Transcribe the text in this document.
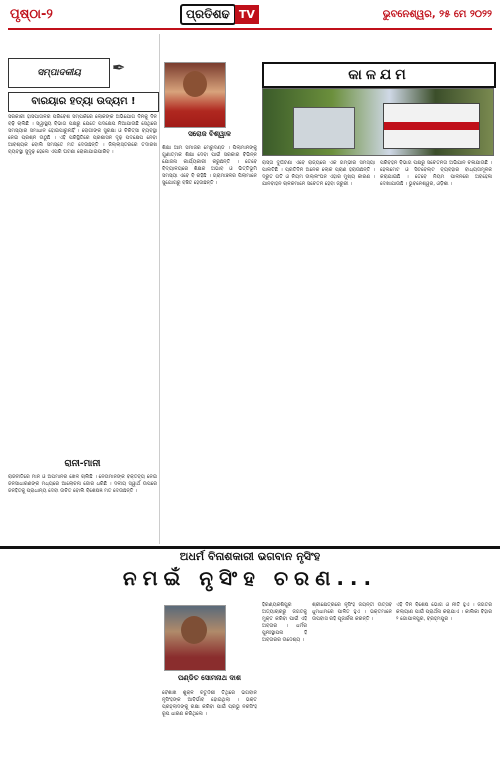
ପୃଷ୍ଠା-୨	ପ୍ରତିଶଢ TV	ଭୁବନେଶ୍ୱର, ୨୫ ମେ ୨୦୨୨
ସମ୍ପାଦକୀୟ	✒
ବାରୟାର ହତ୍ୟା ଉଦ୍ୟମ !
ସରକାରୀ ହାସପାତାଳର ପରିବେଶ ସମ୍ପର୍କରେ ଲୋକଙ୍କ ଅଭିଯୋଗ ଦିନକୁ ଦିନ ବଢ଼ି ଚାଲିଛି । ସ୍ୱାସ୍ଥ୍ୟ ବିଭାଗ ପକ୍ଷରୁ ଯେତେ ପଦକ୍ଷେପ ନିଆଯାଉଛି ସେଥିରେ ସମସ୍ୟାର ସମାଧାନ ହୋଇପାରୁନାହିଁ । ରୋଗୀଙ୍କ ସୁରକ୍ଷା ଓ ଚିକିତ୍ସା ବ୍ୟବସ୍ଥା ନେଇ ପ୍ରଶ୍ନ ଉଠୁଛି । ଏହି ପରିସ୍ଥିତିରେ ପ୍ରଶାସନ ଦୃଢ଼ ପଦକ୍ଷେପ ନେବା ଆବଶ୍ୟକ ବୋଲି ସମସ୍ତେ ମତ ଦେଉଛନ୍ତି । ଜିଲ୍ଲାସ୍ତରରେ ତଦାରଖ ବ୍ୟବସ୍ଥା ସୁଦୃଢ଼ ହେଲେ ଏପରି ଘଟଣା ରୋକାଯାଇପାରିବ ।
ରାନୀ-ମାନୀ
ରାଜନୀତିରେ ମାନ ଓ ଅପମାନର ଖେଳ ଚାଲିଛି । ନେତାମାନଙ୍କ ବକ୍ତବ୍ୟ ନେଇ ଜନସାଧାରଣଙ୍କ ମଧ୍ୟରେ ଆଲୋଚନା ଜୋର ଧରିଛି । ଦଳୀୟ ସ୍ୱାର୍ଥ ଉପରେ ଜନହିତକୁ ପ୍ରାଧାନ୍ୟ ଦେବା ଉଚିତ ବୋଲି ବିଶେଷଜ୍ଞ ମତ ଦେଉଛନ୍ତି ।
ସରୋଜ ବିଶ୍ୱାଳ
ଶିକ୍ଷା ଆମ ସମାଜର ମେରୁଦଣ୍ଡ । ପିଲାମାନଙ୍କୁ ଗୁଣାତ୍ମକ ଶିକ୍ଷା ଦେବା ପାଇଁ ସରକାର ବିଭିନ୍ନ ଯୋଜନା କାର୍ଯ୍ୟକାରୀ କରୁଛନ୍ତି । ତେବେ ବିଦ୍ୟାଳୟରେ ଶିକ୍ଷକ ଅଭାବ ଓ ଭିତ୍ତିଭୂମି ସମସ୍ୟା ଏବେ ବି ରହିଛି । ଗ୍ରାମାଞ୍ଚଳର ପିଲାମାନେ ସୁଯୋଗରୁ ବଞ୍ଚିତ ହେଉଛନ୍ତି ।
କାଳଯମ
ରାସ୍ତା ଦୁର୍ଘଟଣା ଏବେ ରାଜ୍ୟରେ ଏକ ଗମ୍ଭୀର ସମସ୍ୟା ପାଲଟିଛି । ପ୍ରତିଦିନ ଅନେକ ଲୋକ ପ୍ରାଣ ହରାଉଛନ୍ତି । ଦ୍ରୁତ ଗତି ଓ ନିୟମ ଉଲ୍ଲଂଘନ ଏହାର ମୁଖ୍ୟ କାରଣ । ଯାନବାହନ ଚାଳକମାନେ ସଚେତନ ହେବା ଜରୁରୀ ।
ପରିବହନ ବିଭାଗ ପକ୍ଷରୁ ସଚେତନତା ଅଭିଯାନ ଚଳାଯାଉଛି । ହେଲମେଟ ଓ ସିଟବେଲ୍ଟ ବ୍ୟବହାର ବାଧ୍ୟତାମୂଳକ କରାଯାଇଛି । ତେବେ ନିୟମ ପାଳନରେ ଅବହେଳା ଦେଖାଯାଉଛି । ଭୁବନେଶ୍ୱର, ଓଡ଼ିଶା ।
ଅଧର୍ମ ବିନାଶକାରୀ ଭଗବାନ ନୃସିଂହ
ନମଇଁ ନୃସିଂହ ଚରଣ...
ପଣ୍ଡିତ ସୋମନାଥ ଦାଶ
ବୈଶାଖ ଶୁକ୍ଳ ଚତୁର୍ଦ୍ଦଶୀ ତିଥିରେ ଭଗବାନ ନୃସିଂହଙ୍କ ଆବିର୍ଭାବ ହୋଇଥିଲା । ଭକ୍ତ ପ୍ରହ୍ଲାଦଙ୍କୁ ରକ୍ଷା କରିବା ପାଇଁ ପ୍ରଭୁ ନରସିଂହ ରୂପ ଧାରଣ କରିଥିଲେ ।
ହିରଣ୍ୟକଶିପୁର ଅତ୍ୟାଚାରରୁ ଜଗତକୁ ମୁକ୍ତ କରିବା ପାଇଁ ଏହି ଅବତାର । ଧର୍ମର ପୁନଃସ୍ଥାପନା ହିଁ ଅବତାରର ଉଦ୍ଦେଶ୍ୟ ।
ଶ୍ରୀକ୍ଷେତ୍ରରେ ନୃସିଂହ ଜୟନ୍ତୀ ଉତ୍ସବ ଧୁମଧାମରେ ପାଳିତ ହୁଏ । ଭକ୍ତମାନେ ଉପବାସ ରହି ପୂଜାର୍ଚ୍ଚନା କରନ୍ତି ।
ଏହି ଦିନ ବିଶେଷ ଭୋଗ ଓ ନୀତି ହୁଏ । ଜଗତର କଲ୍ୟାଣ ପାଇଁ ପ୍ରାର୍ଥନା କରାଯାଏ । କାଲିକା ବିହାର ୨ ଗୋପାଳପୁର, ବ୍ରହ୍ମପୁର ।
